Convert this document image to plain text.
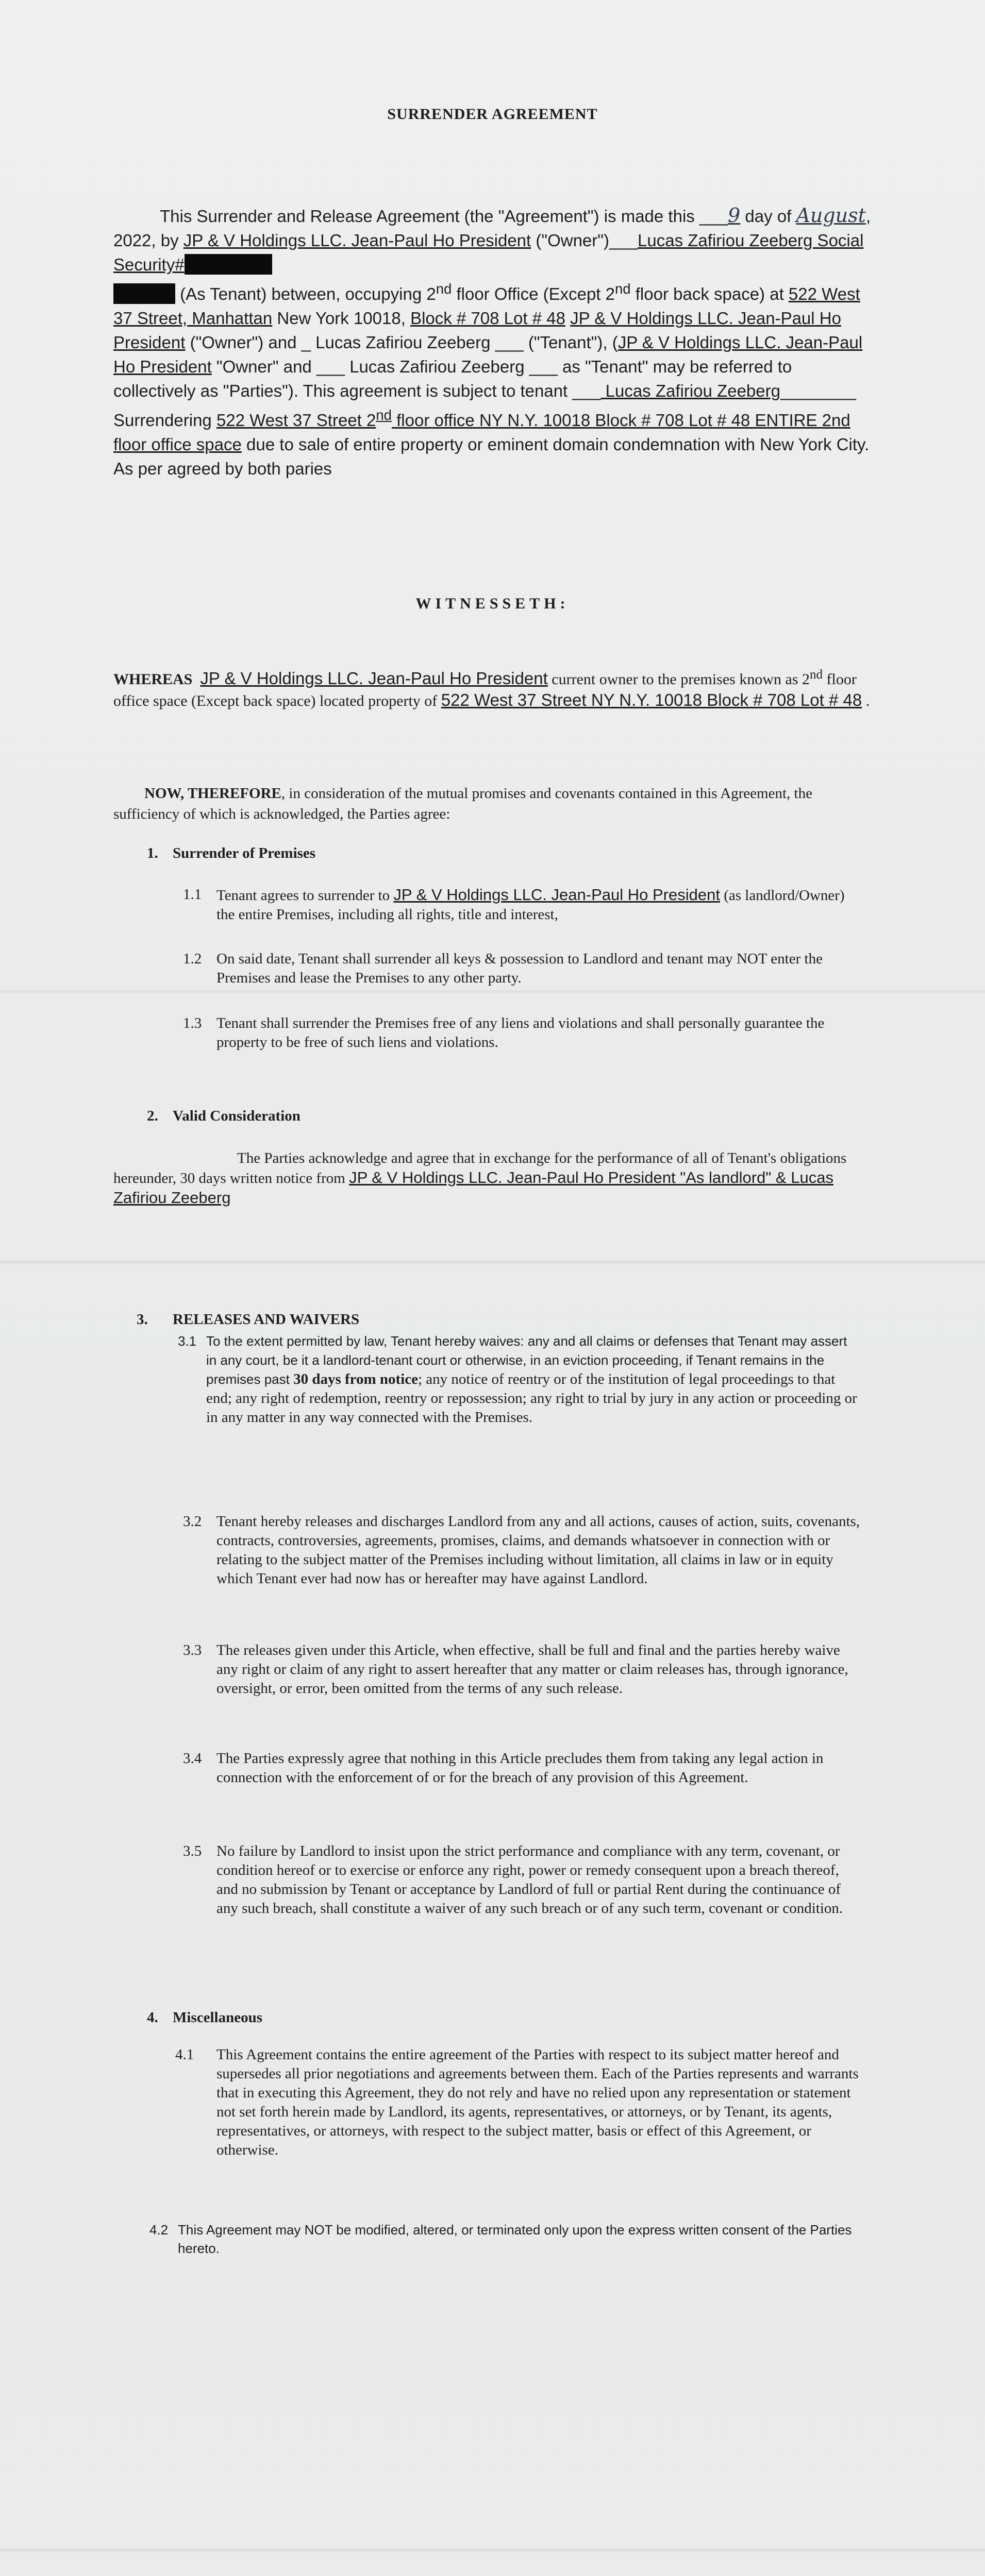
SURRENDER AGREEMENT
This Surrender and Release Agreement (the "Agreement") is made this ___9 day of August, 2022, by JP & V Holdings LLC. Jean-Paul Ho President ("Owner")___Lucas Zafiriou Zeeberg Social Security#
(As Tenant) between, occupying 2nd floor Office (Except 2nd floor back space) at 522 West 37 Street, Manhattan New York 10018, Block # 708 Lot # 48 JP & V Holdings LLC. Jean-Paul Ho President ("Owner") and _ Lucas Zafiriou Zeeberg ___ ("Tenant"), (JP & V Holdings LLC. Jean-Paul Ho President "Owner" and ___ Lucas Zafiriou Zeeberg ___ as "Tenant" may be referred to collectively as "Parties"). This agreement is subject to tenant ___ Lucas Zafiriou Zeeberg________ Surrendering 522 West 37 Street 2nd floor office NY N.Y. 10018 Block # 708 Lot # 48 ENTIRE 2nd floor office space due to sale of entire property or eminent domain condemnation with New York City. As per agreed by both paries
WITNESSETH:
WHEREAS JP & V Holdings LLC. Jean-Paul Ho President current owner to the premises known as 2nd floor office space (Except back space) located property of 522 West 37 Street NY N.Y. 10018 Block # 708 Lot # 48 .
NOW, THEREFORE, in consideration of the mutual promises and covenants contained in this Agreement, the sufficiency of which is acknowledged, the Parties agree:
1. Surrender of Premises
1.1 Tenant agrees to surrender to JP & V Holdings LLC. Jean-Paul Ho President (as landlord/Owner) the entire Premises, including all rights, title and interest,
1.2 On said date, Tenant shall surrender all keys & possession to Landlord and tenant may NOT enter the Premises and lease the Premises to any other party.
1.3 Tenant shall surrender the Premises free of any liens and violations and shall personally guarantee the property to be free of such liens and violations.
2. Valid Consideration
The Parties acknowledge and agree that in exchange for the performance of all of Tenant's obligations hereunder, 30 days written notice from JP & V Holdings LLC. Jean-Paul Ho President "As landlord" & Lucas Zafiriou Zeeberg
3. RELEASES AND WAIVERS
3.1 To the extent permitted by law, Tenant hereby waives: any and all claims or defenses that Tenant may assert in any court, be it a landlord-tenant court or otherwise, in an eviction proceeding, if Tenant remains in the premises past 30 days from notice; any notice of reentry or of the institution of legal proceedings to that end; any right of redemption, reentry or repossession; any right to trial by jury in any action or proceeding or in any matter in any way connected with the Premises.
3.2 Tenant hereby releases and discharges Landlord from any and all actions, causes of action, suits, covenants, contracts, controversies, agreements, promises, claims, and demands whatsoever in connection with or relating to the subject matter of the Premises including without limitation, all claims in law or in equity which Tenant ever had now has or hereafter may have against Landlord.
3.3 The releases given under this Article, when effective, shall be full and final and the parties hereby waive any right or claim of any right to assert hereafter that any matter or claim releases has, through ignorance, oversight, or error, been omitted from the terms of any such release.
3.4 The Parties expressly agree that nothing in this Article precludes them from taking any legal action in connection with the enforcement of or for the breach of any provision of this Agreement.
3.5 No failure by Landlord to insist upon the strict performance and compliance with any term, covenant, or condition hereof or to exercise or enforce any right, power or remedy consequent upon a breach thereof, and no submission by Tenant or acceptance by Landlord of full or partial Rent during the continuance of any such breach, shall constitute a waiver of any such breach or of any such term, covenant or condition.
4. Miscellaneous
4.1 This Agreement contains the entire agreement of the Parties with respect to its subject matter hereof and supersedes all prior negotiations and agreements between them. Each of the Parties represents and warrants that in executing this Agreement, they do not rely and have no relied upon any representation or statement not set forth herein made by Landlord, its agents, representatives, or attorneys, or by Tenant, its agents, representatives, or attorneys, with respect to the subject matter, basis or effect of this Agreement, or otherwise.
4.2 This Agreement may NOT be modified, altered, or terminated only upon the express written consent of the Parties hereto.
